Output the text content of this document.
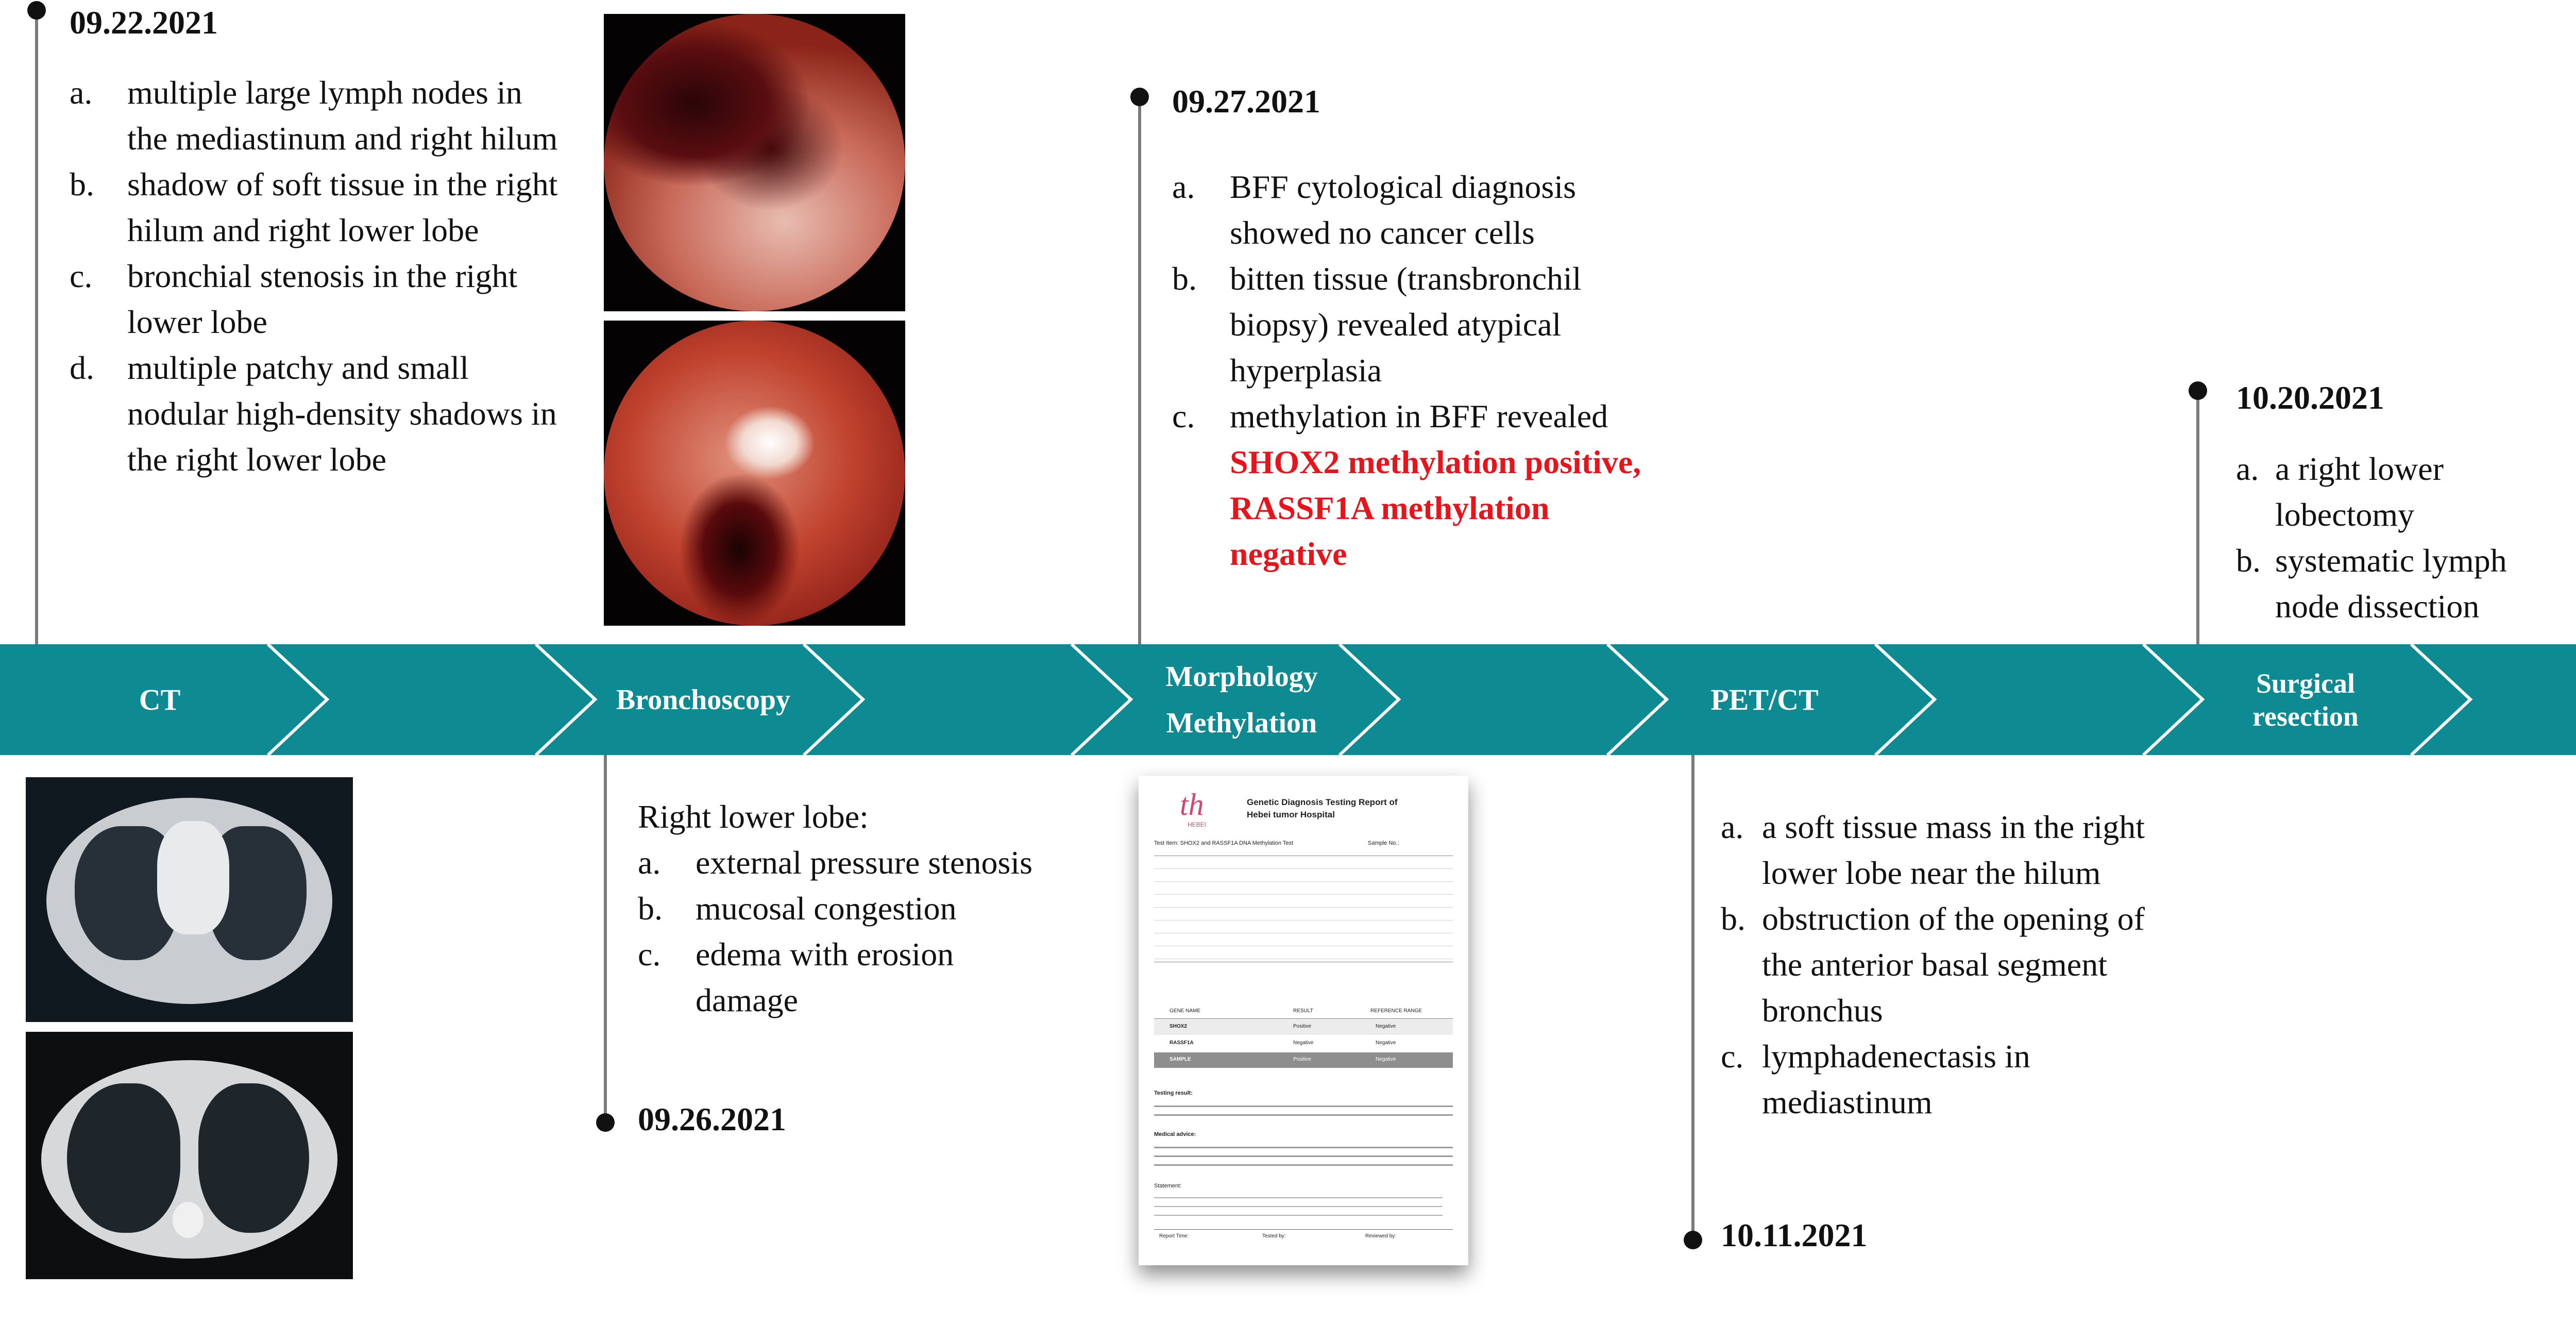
CT	Bronchoscopy
Morphology
Methylation
PET/CT	Surgical
resection
09.22.2021
a. multiple large lymph nodes in the mediastinum and right hilum
b. shadow of soft tissue in the right hilum and right lower lobe
c. bronchial stenosis in the right lower lobe
d. multiple patchy and small nodular high-density shadows in the right lower lobe
09.26.2021
Right lower lobe:
a. external pressure stenosis
b. mucosal congestion
c. edema with erosion damage
09.27.2021
a. BFF cytological diagnosis showed no cancer cells
b. bitten tissue (transbronchil biopsy) revealed atypical hyperplasia
c. methylation in BFF revealed SHOX2 methylation positive, RASSF1A methylation negative
th
HEBEI
Genetic Diagnosis Testing Report of
Hebei tumor Hospital
Test Item: SHOX2 and RASSF1A DNA Methylation Test	Sample No.:
GENE NAME	RESULT	REFERENCE RANGE
SHOX2	Positive	Negative
RASSF1A	Negative	Negative
SAMPLE	Positive	Negative
Testing result:
Medical advice:
Statement:
Report Time:	Tested by:	Reviewed by:	10.11.2021
a. a soft tissue mass in the right lower lobe near the hilum
b. obstruction of the opening of the anterior basal segment bronchus
c. lymphadenectasis in mediastinum
10.20.2021
a. a right lower lobectomy
b. systematic lymph node dissection
